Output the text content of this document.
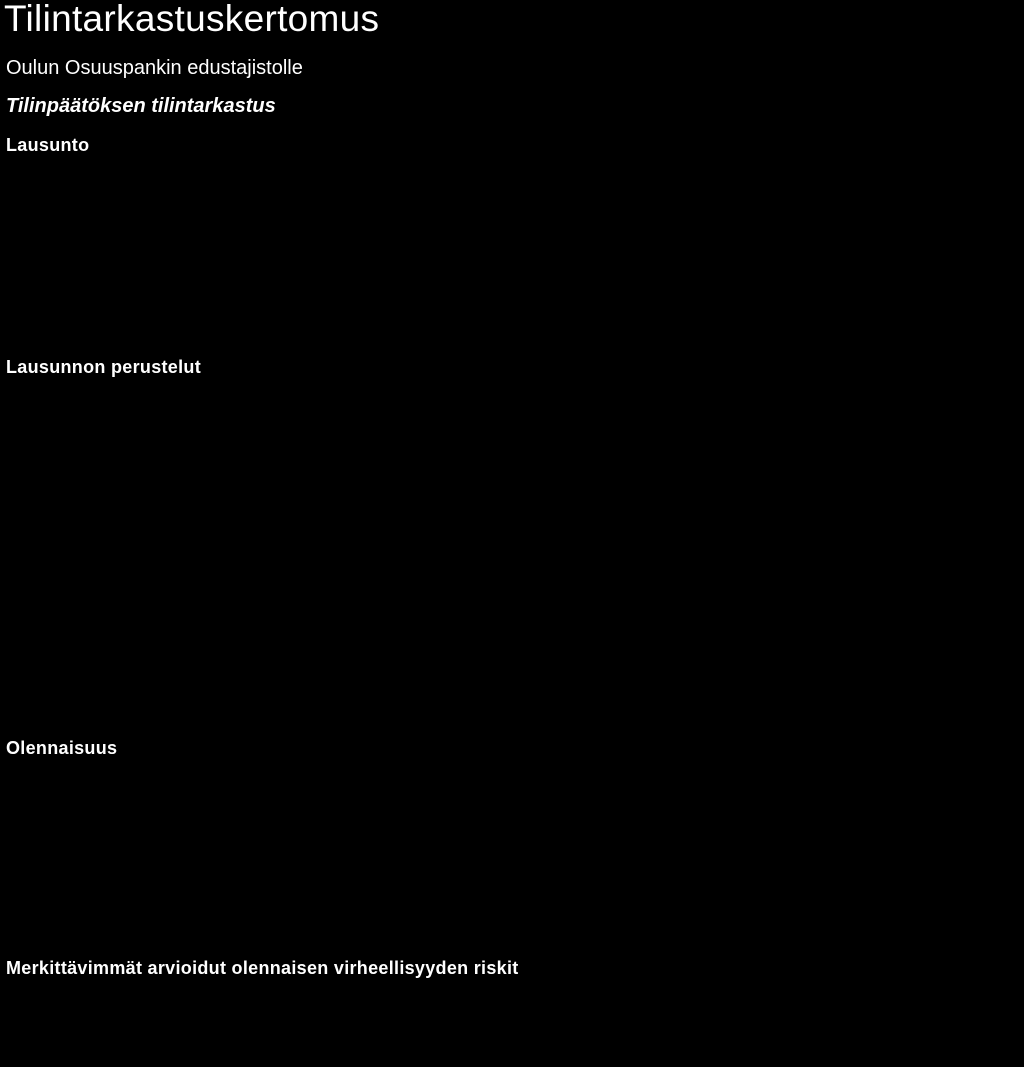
Tilintarkastuskertomus

Oulun Osuuspankin edustajistolle

Tilinpäätöksen tilintarkastus
Lausunto
Lausunnon perustelut
Olennaisuus
Merkittävimmät arvioidut olennaisen virheellisyyden riskit
